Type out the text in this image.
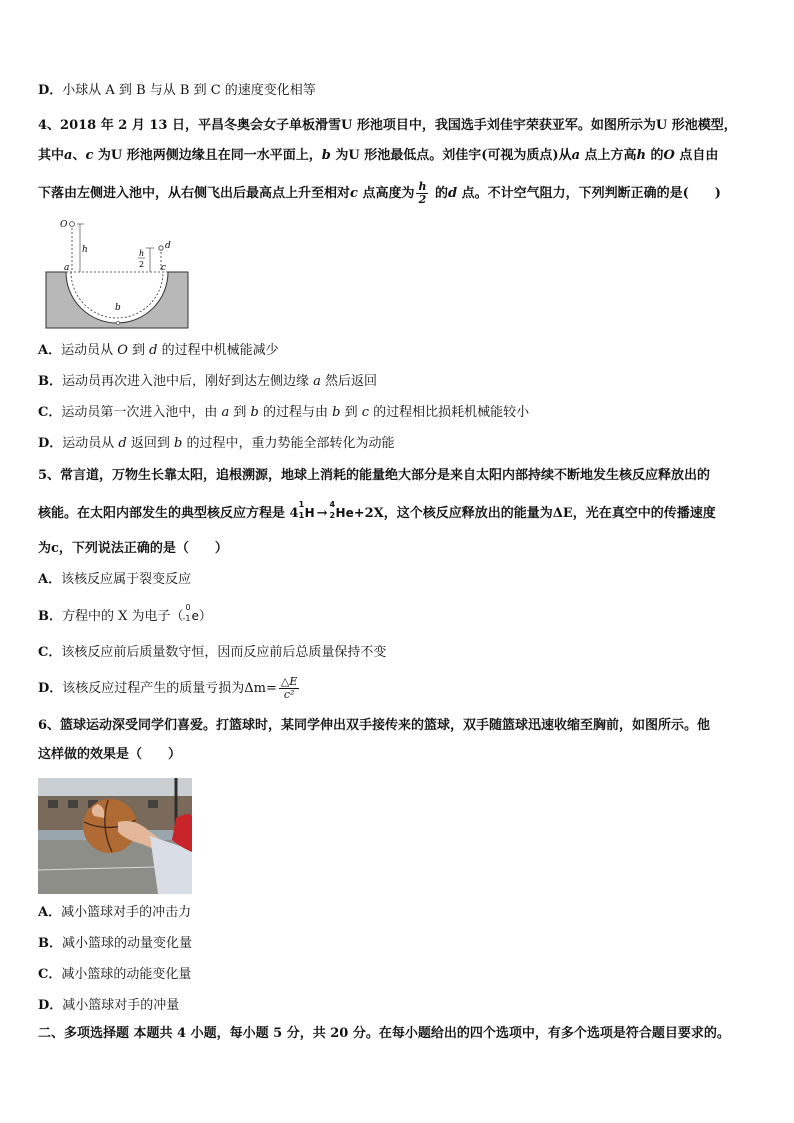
D．小球从 A 到 B 与从 B 到 C 的速度变化相等
4、2018 年 2 月 13 日，平昌冬奥会女子单板滑雪U 形池项目中，我国选手刘佳宇荣获亚军。如图所示为U 形池模型，
其中a、c 为U 形池两侧边缘且在同一水平面上，b 为U 形池最低点。刘佳宇(可视为质点)从a 点上方高h 的O 点自由
下落由左侧进入池中，从右侧飞出后最高点上升至相对c 点高度为 $\frac{h}{2}$ 的d 点。不计空气阻力，下列判断正确的是(　　)
O
h	h
2
d
a	c
b
A．运动员从 O 到 d 的过程中机械能减少
B．运动员再次进入池中后，刚好到达左侧边缘 a 然后返回
C．运动员第一次进入池中，由 a 到 b 的过程与由 b 到 c 的过程相比损耗机械能较小
D．运动员从 d 返回到 b 的过程中，重力势能全部转化为动能
5、常言道，万物生长靠太阳，追根溯源，地球上消耗的能量绝大部分是来自太阳内部持续不断地发生核反应释放出的
核能。在太阳内部发生的典型核反应方程是 4
1
1 H →
4
2 He+2X，这个核反应释放出的能量为ΔE，光在真空中的传播速度
为c，下列说法正确的是（　　）
A．该核反应属于裂变反应
B．方程中的 X 为电子（
0
-1 e）
C．该核反应前后质量数守恒，因而反应前后总质量保持不变
D．该核反应过程产生的质量亏损为$\Delta m= \frac{\triangle E}{\text{c²}}$
6、篮球运动深受同学们喜爱。打篮球时，某同学伸出双手接传来的篮球，双手随篮球迅速收缩至胸前，如图所示。他
这样做的效果是（　　）
A．减小篮球对手的冲击力
B．减小篮球的动量变化量
C．减小篮球的动能变化量
D．减小篮球对手的冲量
二、多项选择题 本题共 4 小题，每小题 5 分，共 20 分。在每小题给出的四个选项中，有多个选项是符合题目要求的。
